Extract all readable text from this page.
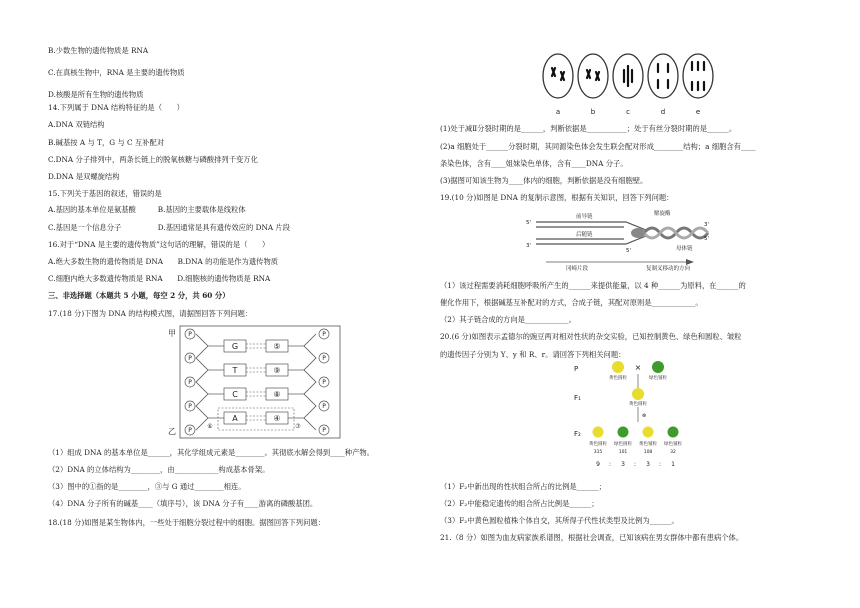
B.少数生物的遗传物质是 RNA
C.在真核生物中，RNA 是主要的遗传物质
D.核酸是所有生物的遗传物质
14.下列属于 DNA 结构特征的是（　　）
A.DNA 双链结构
B.碱基按 A 与 T，G 与 C 互补配对
C.DNA 分子排列中，两条长链上的脱氧核糖与磷酸排列千变万化
D.DNA 是双螺旋结构
15.下列关于基因的叙述，错误的是
A.基因的基本单位是氨基酸　　　B.基因的主要载体是线粒体
C.基因是一个信息分子　　　　　D.基因通常是具有遗传效应的 DNA 片段
16.对于“DNA 是主要的遗传物质”这句话的理解，错误的是（　　）
A.绝大多数生物的遗传物质是 DNA　　B.DNA 的功能是作为遗传物质
C.细胞内绝大多数遗传物质是 RNA　　D.细胞核的遗传物质是 RNA
三、非选择题（本题共 5 小题，每空 2 分，共 60 分）
17.(18 分)下图为 DNA 的结构模式图，请据图回答下列问题：
甲
乙
P
P
P
P
P
P
P
P
P
P
G
T
C
A
⑤
⑨
⑧
④
⑦
⑥
（1）组成 DNA 的基本单位是______，其化学组成元素是________。其彻底水解会得到____种产物。
（2）DNA 的立体结构为________，由____________构成基本骨架。
（3）图中的①指的是________，③与 G 通过________相连。
（4）DNA 分子所有的碱基____（填序号），该 DNA 分子有____游离的磷酸基团。
18.(18 分)如图是某生物体内，一些处于细胞分裂过程中的细胞。据图回答下列问题：
a	b	c	d	e
(1)处于减Ⅱ分裂时期的是______，判断依据是___________；处于有丝分裂时期的是______。
(2)a 细胞处于______分裂时期，其同源染色体会发生联会配对形成________结构；a 细胞含有____
条染色体，含有____姐妹染色单体，含有____DNA 分子。
(3)据图可知该生物为____体内的细胞，判断依据是没有细胞壁。
19.(10 分)如图是 DNA 的复制示意图，根据有关知识，回答下列问题：
解旋酶
前导链
后随链
母体链
冈崎片段	复制叉移动的方向
5'
3'
3'
5'
5'
（1）该过程需要消耗细胞呼吸所产生的______来提供能量，以 4 种______为原料，在______的
催化作用下，根据碱基互补配对的方式，合成子链，其配对原则是____________。
（2）其子链合成的方向是____________。
20.(6 分)如图表示孟德尔的豌豆两对相对性状的杂交实验，已知控制黄色、绿色和圆粒、皱粒
的遗传因子分别为 Y、y 和 R、r。请回答下列相关问题：
P
F₁
F₂
×
黄色圆粒	绿色皱粒
黄色圆粒
⊗
黄色圆粒 绿色圆粒 黄色皱粒 绿色皱粒
315	101	108	32
9 : 3 : 3 : 1
（1）F₂中新出现的性状组合所占的比例是______；
（2）F₂中能稳定遗传的组合所占比例是______；
（3）F₂中黄色圆粒植株个体自交，其所得子代性状类型及比例为______。
21.（8 分）如图为血友病家族系谱图，根据社会调查，已知该病在男女群体中都有患病个体。
